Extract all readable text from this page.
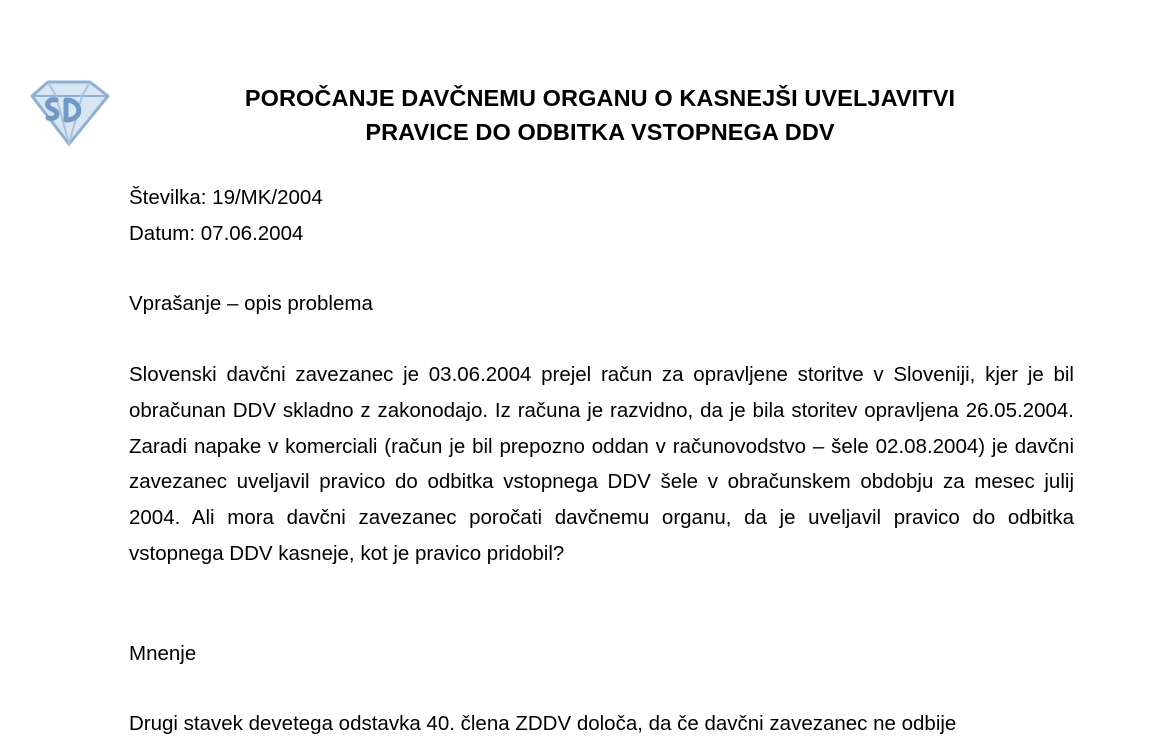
POROČANJE DAVČNEMU ORGANU O KASNEJŠI UVELJAVITVI
PRAVICE DO ODBITKA VSTOPNEGA DDV

Številka: 19/MK/2004

Datum: 07.06.2004

Vprašanje – opis problema

Slovenski davčni zavezanec je 03.06.2004 prejel račun za opravljene storitve v Sloveniji, kjer je bil obračunan DDV skladno z zakonodajo. Iz računa je razvidno, da je bila storitev opravljena 26.05.2004. Zaradi napake v komerciali (račun je bil prepozno oddan v računovodstvo – šele 02.08.2004) je davčni zavezanec uveljavil pravico do odbitka vstopnega DDV šele v obračunskem obdobju za mesec julij 2004. Ali mora davčni zavezanec poročati davčnemu organu, da je uveljavil pravico do odbitka vstopnega DDV kasneje, kot je pravico pridobil?

Mnenje

Drugi stavek devetega odstavka 40. člena ZDDV določa, da če davčni zavezanec ne odbije
